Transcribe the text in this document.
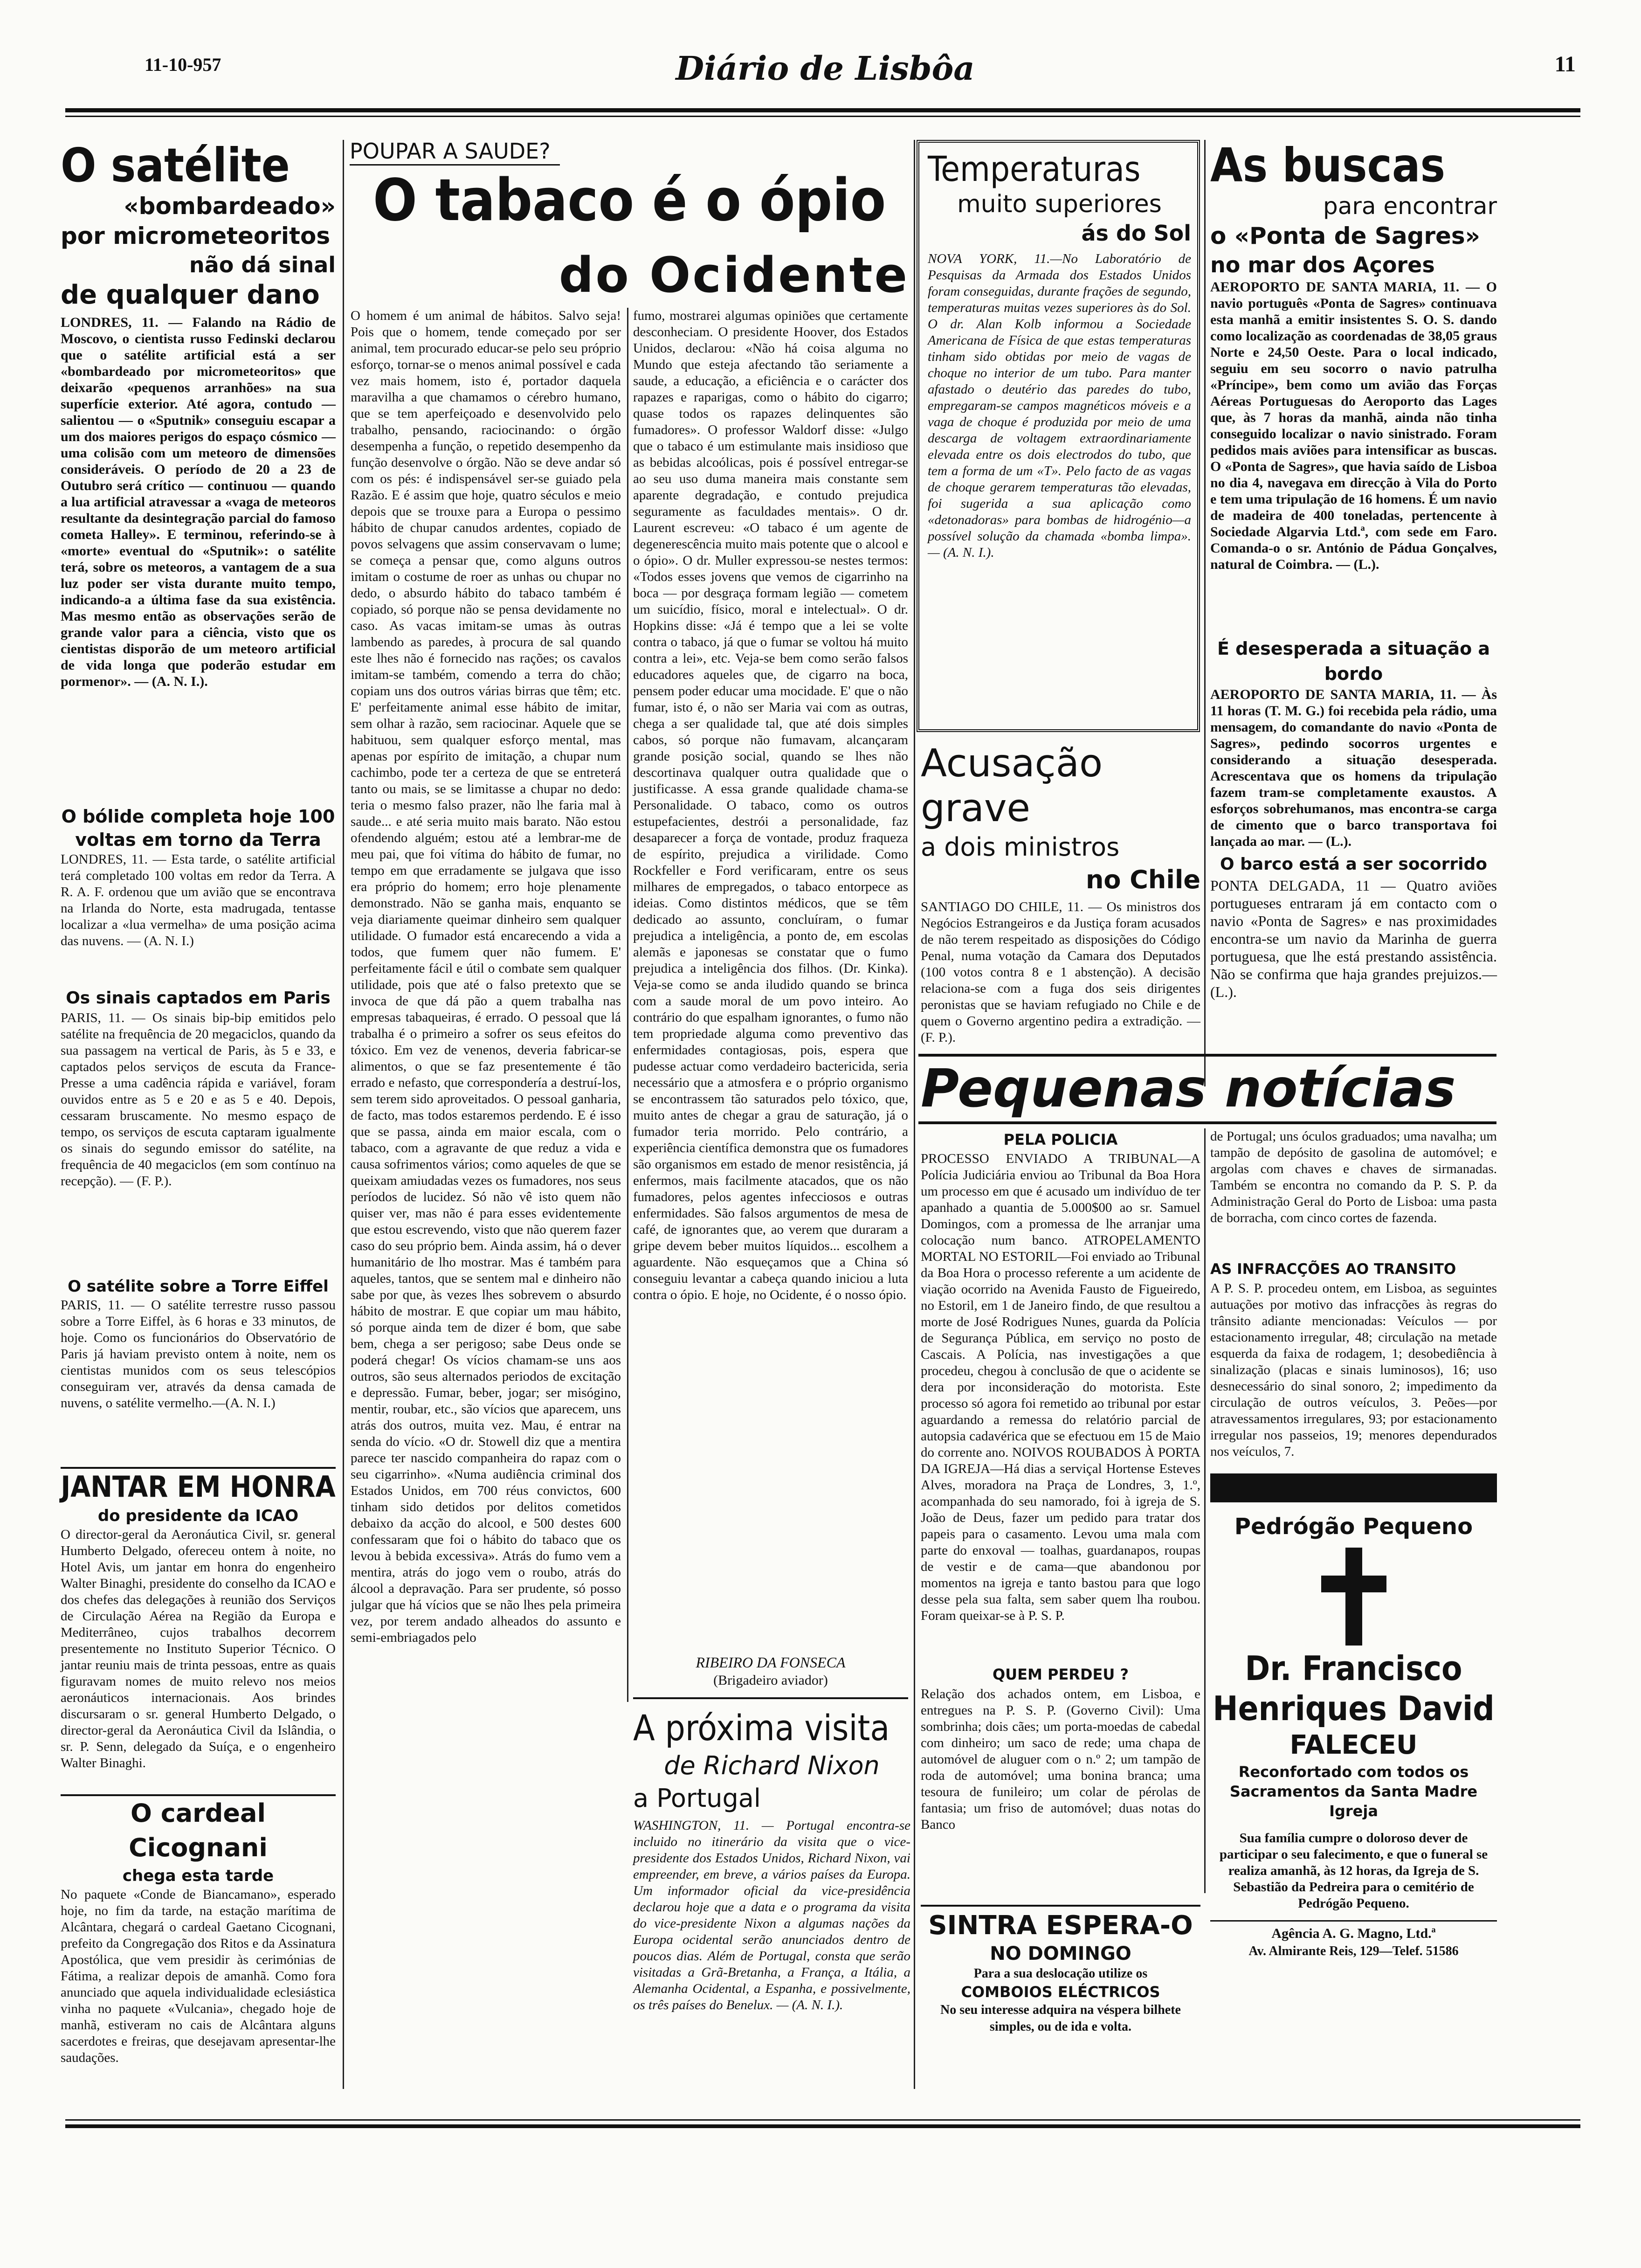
11-10-957	Diário de Lisbôa	11
O satélite
«bombardeado»
por micrometeoritos
não dá sinal
de qualquer dano

LONDRES, 11. — Falando na Rádio de Moscovo, o cientista russo Fedinski declarou que o satélite artificial está a ser «bombardeado por micrometeoritos» que deixarão «pequenos arranhões» na sua superfície exterior. Até agora, contudo — salientou — o «Sputnik» conseguiu escapar a um dos maiores perigos do espaço cósmico — uma colisão com um meteoro de dimensões consideráveis. O período de 20 a 23 de Outubro será crítico — continuou — quando a lua artificial atravessar a «vaga de meteoros resultante da desintegração parcial do famoso cometa Halley». E terminou, referindo-se à «morte» eventual do «Sputnik»: o satélite terá, sobre os meteoros, a vantagem de a sua luz poder ser vista durante muito tempo, indicando-a a última fase da sua existência. Mas mesmo então as observações serão de grande valor para a ciência, visto que os cientistas disporão de um meteoro artificial de vida longa que poderão estudar em pormenor». — (A. N. I.).

O bólide completa hoje 100 voltas em torno da Terra

LONDRES, 11. — Esta tarde, o satélite artificial terá completado 100 voltas em redor da Terra. A R. A. F. ordenou que um avião que se encontrava na Irlanda do Norte, esta madrugada, tentasse localizar a «lua vermelha» de uma posição acima das nuvens. — (A. N. I.)

Os sinais captados em Paris

PARIS, 11. — Os sinais bip-bip emitidos pelo satélite na frequência de 20 megaciclos, quando da sua passagem na vertical de Paris, às 5 e 33, e captados pelos serviços de escuta da France-Presse a uma cadência rápida e variável, foram ouvidos entre as 5 e 20 e as 5 e 40. Depois, cessaram bruscamente. No mesmo espaço de tempo, os serviços de escuta captaram igualmente os sinais do segundo emissor do satélite, na frequência de 40 megaciclos (em som contínuo na recepção). — (F. P.).

O satélite sobre a Torre Eiffel

PARIS, 11. — O satélite terrestre russo passou sobre a Torre Eiffel, às 6 horas e 33 minutos, de hoje. Como os funcionários do Observatório de Paris já haviam previsto ontem à noite, nem os cientistas munidos com os seus telescópios conseguiram ver, através da densa camada de nuvens, o satélite vermelho.—(A. N. I.)

JANTAR EM HONRA
do presidente da ICAO

O director-geral da Aeronáutica Civil, sr. general Humberto Delgado, ofereceu ontem à noite, no Hotel Avis, um jantar em honra do engenheiro Walter Binaghi, presidente do conselho da ICAO e dos chefes das delegações à reunião dos Serviços de Circulação Aérea na Região da Europa e Mediterrâneo, cujos trabalhos decorrem presentemente no Instituto Superior Técnico. O jantar reuniu mais de trinta pessoas, entre as quais figuravam nomes de muito relevo nos meios aeronáuticos internacionais. Aos brindes discursaram o sr. general Humberto Delgado, o director-geral da Aeronáutica Civil da Islândia, o sr. P. Senn, delegado da Suíça, e o engenheiro Walter Binaghi.

O cardeal Cicognani
chega esta tarde

No paquete «Conde de Biancamano», esperado hoje, no fim da tarde, na estação marítima de Alcântara, chegará o cardeal Gaetano Cicognani, prefeito da Congregação dos Ritos e da Assinatura Apostólica, que vem presidir às cerimónias de Fátima, a realizar depois de amanhã. Como fora anunciado que aquela individualidade eclesiástica vinha no paquete «Vulcania», chegado hoje de manhã, estiveram no cais de Alcântara alguns sacerdotes e freiras, que desejavam apresentar-lhe saudações.

POUPAR A SAUDE?
O tabaco é o ópio
do Ocidente

O homem é um animal de hábitos. Salvo seja! Pois que o homem, tende começado por ser animal, tem procurado educar-se pelo seu próprio esforço, tornar-se o menos animal possível e cada vez mais homem, isto é, portador daquela maravilha a que chamamos o cérebro humano, que se tem aperfeiçoado e desenvolvido pelo trabalho, pensando, raciocinando: o órgão desempenha a função, o repetido desempenho da função desenvolve o órgão. Não se deve andar só com os pés: é indispensável ser-se guiado pela Razão. E é assim que hoje, quatro séculos e meio depois que se trouxe para a Europa o pessimo hábito de chupar canudos ardentes, copiado de povos selvagens que assim conservavam o lume; se começa a pensar que, como alguns outros imitam o costume de roer as unhas ou chupar no dedo, o absurdo hábito do tabaco também é copiado, só porque não se pensa devidamente no caso. As vacas imitam-se umas às outras lambendo as paredes, à procura de sal quando este lhes não é fornecido nas rações; os cavalos imitam-se também, comendo a terra do chão; copiam uns dos outros várias birras que têm; etc. E' perfeitamente animal esse hábito de imitar, sem olhar à razão, sem raciocinar. Aquele que se habituou, sem qualquer esforço mental, mas apenas por espírito de imitação, a chupar num cachimbo, pode ter a certeza de que se entreterá tanto ou mais, se se limitasse a chupar no dedo: teria o mesmo falso prazer, não lhe faria mal à saude... e até seria muito mais barato. Não estou ofendendo alguém; estou até a lembrar-me de meu pai, que foi vítima do hábito de fumar, no tempo em que erradamente se julgava que isso era próprio do homem; erro hoje plenamente demonstrado. Não se ganha mais, enquanto se veja diariamente queimar dinheiro sem qualquer utilidade. O fumador está encarecendo a vida a todos, que fumem quer não fumem. E' perfeitamente fácil e útil o combate sem qualquer utilidade, pois que até o falso pretexto que se invoca de que dá pão a quem trabalha nas empresas tabaqueiras, é errado. O pessoal que lá trabalha é o primeiro a sofrer os seus efeitos do tóxico. Em vez de venenos, deveria fabricar-se alimentos, o que se faz presentemente é tão errado e nefasto, que correspondería a destruí-los, sem terem sido aproveitados. O pessoal ganharia, de facto, mas todos estaremos perdendo. E é isso que se passa, ainda em maior escala, com o tabaco, com a agravante de que reduz a vida e causa sofrimentos vários; como aqueles de que se queixam amiudadas vezes os fumadores, nos seus períodos de lucidez. Só não vê isto quem não quiser ver, mas não é para esses evidentemente que estou escrevendo, visto que não querem fazer caso do seu próprio bem. Ainda assim, há o dever humanitário de lho mostrar. Mas é também para aqueles, tantos, que se sentem mal e dinheiro não sabe por que, às vezes lhes sobrevem o absurdo hábito de mostrar. E que copiar um mau hábito, só porque ainda tem de dizer é bom, que sabe bem, chega a ser perigoso; sabe Deus onde se poderá chegar! Os vícios chamam-se uns aos outros, são seus alternados periodos de excitação e depressão. Fumar, beber, jogar; ser misógino, mentir, roubar, etc., são vícios que aparecem, uns atrás dos outros, muita vez. Mau, é entrar na senda do vício. «O dr. Stowell diz que a mentira parece ter nascido companheira do rapaz com o seu cigarrinho». «Numa audiência criminal dos Estados Unidos, em 700 réus convictos, 600 tinham sido detidos por delitos cometidos debaixo da acção do alcool, e 500 destes 600 confessaram que foi o hábito do tabaco que os levou à bebida excessiva». Atrás do fumo vem a mentira, atrás do jogo vem o roubo, atrás do álcool a depravação. Para ser prudente, só posso julgar que há vícios que se não lhes pela primeira vez, por terem andado alheados do assunto e semi-embriagados pelo

fumo, mostrarei algumas opiniões que certamente desconheciam. O presidente Hoover, dos Estados Unidos, declarou: «Não há coisa alguma no Mundo que esteja afectando tão seriamente a saude, a educação, a eficiência e o carácter dos rapazes e raparigas, como o hábito do cigarro; quase todos os rapazes delinquentes são fumadores». O professor Waldorf disse: «Julgo que o tabaco é um estimulante mais insidioso que as bebidas alcoólicas, pois é possível entregar-se ao seu uso duma maneira mais constante sem aparente degradação, e contudo prejudica seguramente as faculdades mentais». O dr. Laurent escreveu: «O tabaco é um agente de degenerescência muito mais potente que o alcool e o ópio». O dr. Muller expressou-se nestes termos: «Todos esses jovens que vemos de cigarrinho na boca — por desgraça formam legião — cometem um suicídio, físico, moral e intelectual». O dr. Hopkins disse: «Já é tempo que a lei se volte contra o tabaco, já que o fumar se voltou há muito contra a lei», etc. Veja-se bem como serão falsos educadores aqueles que, de cigarro na boca, pensem poder educar uma mocidade. E' que o não fumar, isto é, o não ser Maria vai com as outras, chega a ser qualidade tal, que até dois simples cabos, só porque não fumavam, alcançaram grande posição social, quando se lhes não descortinava qualquer outra qualidade que o justificasse. A essa grande qualidade chama-se Personalidade. O tabaco, como os outros estupefacientes, destrói a personalidade, faz desaparecer a força de vontade, produz fraqueza de espírito, prejudica a virilidade. Como Rockfeller e Ford verificaram, entre os seus milhares de empregados, o tabaco entorpece as ideias. Como distintos médicos, que se têm dedicado ao assunto, concluíram, o fumar prejudica a inteligência, a ponto de, em escolas alemãs e japonesas se constatar que o fumo prejudica a inteligência dos filhos. (Dr. Kinka). Veja-se como se anda iludido quando se brinca com a saude moral de um povo inteiro. Ao contrário do que espalham ignorantes, o fumo não tem propriedade alguma como preventivo das enfermidades contagiosas, pois, espera que pudesse actuar como verdadeiro bactericida, seria necessário que a atmosfera e o próprio organismo se encontrassem tão saturados pelo tóxico, que, muito antes de chegar a grau de saturação, já o fumador teria morrido. Pelo contrário, a experiência científica demonstra que os fumadores são organismos em estado de menor resistência, já enfermos, mais facilmente atacados, que os não fumadores, pelos agentes infecciosos e outras enfermidades. São falsos argumentos de mesa de café, de ignorantes que, ao verem que duraram a gripe devem beber muitos líquidos... escolhem a aguardente. Não esqueçamos que a China só conseguiu levantar a cabeça quando iniciou a luta contra o ópio. E hoje, no Ocidente, é o nosso ópio.

RIBEIRO DA FONSECA
(Brigadeiro aviador)
A próxima visita
de Richard Nixon
a Portugal

WASHINGTON, 11. — Portugal encontra-se incluido no itinerário da visita que o vice-presidente dos Estados Unidos, Richard Nixon, vai empreender, em breve, a vários países da Europa. Um informador oficial da vice-presidência declarou hoje que a data e o programa da visita do vice-presidente Nixon a algumas nações da Europa ocidental serão anunciados dentro de poucos dias. Além de Portugal, consta que serão visitadas a Grã-Bretanha, a França, a Itália, a Alemanha Ocidental, a Espanha, e possivelmente, os três países do Benelux. — (A. N. I.).

Temperaturas
muito superiores
ás do Sol

NOVA YORK, 11.—No Laboratório de Pesquisas da Armada dos Estados Unidos foram conseguidas, durante frações de segundo, temperaturas muitas vezes superiores às do Sol. O dr. Alan Kolb informou a Sociedade Americana de Física de que estas temperaturas tinham sido obtidas por meio de vagas de choque no interior de um tubo. Para manter afastado o deutério das paredes do tubo, empregaram-se campos magnéticos móveis e a vaga de choque é produzida por meio de uma descarga de voltagem extraordinariamente elevada entre os dois electrodos do tubo, que tem a forma de um «T». Pelo facto de as vagas de choque gerarem temperaturas tão elevadas, foi sugerida a sua aplicação como «detonadoras» para bombas de hidrogénio—a possível solução da chamada «bomba limpa». — (A. N. I.).

Acusação grave
a dois ministros
no Chile

SANTIAGO DO CHILE, 11. — Os ministros dos Negócios Estrangeiros e da Justiça foram acusados de não terem respeitado as disposições do Código Penal, numa votação da Camara dos Deputados (100 votos contra 8 e 1 abstenção). A decisão relaciona-se com a fuga dos seis dirigentes peronistas que se haviam refugiado no Chile e de quem o Governo argentino pedira a extradição. — (F. P.).

Pequenas notícias
PELA POLICIA

PROCESSO ENVIADO A TRIBUNAL—A Polícia Judiciária enviou ao Tribunal da Boa Hora um processo em que é acusado um indivíduo de ter apanhado a quantia de 5.000$00 ao sr. Samuel Domingos, com a promessa de lhe arranjar uma colocação num banco. ATROPELAMENTO MORTAL NO ESTORIL—Foi enviado ao Tribunal da Boa Hora o processo referente a um acidente de viação ocorrido na Avenida Fausto de Figueiredo, no Estoril, em 1 de Janeiro findo, de que resultou a morte de José Rodrigues Nunes, guarda da Polícia de Segurança Pública, em serviço no posto de Cascais. A Polícia, nas investigações a que procedeu, chegou à conclusão de que o acidente se dera por inconsideração do motorista. Este processo só agora foi remetido ao tribunal por estar aguardando a remessa do relatório parcial de autopsia cadavérica que se efectuou em 15 de Maio do corrente ano. NOIVOS ROUBADOS À PORTA DA IGREJA—Há dias a serviçal Hortense Esteves Alves, moradora na Praça de Londres, 3, 1.º, acompanhada do seu namorado, foi à igreja de S. João de Deus, fazer um pedido para tratar dos papeis para o casamento. Levou uma mala com parte do enxoval — toalhas, guardanapos, roupas de vestir e de cama—que abandonou por momentos na igreja e tanto bastou para que logo desse pela sua falta, sem saber quem lha roubou. Foram queixar-se à P. S. P.

QUEM PERDEU ?

Relação dos achados ontem, em Lisboa, e entregues na P. S. P. (Governo Civil): Uma sombrinha; dois cães; um porta-moedas de cabedal com dinheiro; um saco de rede; uma chapa de automóvel de aluguer com o n.º 2; um tampão de roda de automóvel; uma bonina branca; uma tesoura de funileiro; um colar de pérolas de fantasia; um friso de automóvel; duas notas do Banco

de Portugal; uns óculos graduados; uma navalha; um tampão de depósito de gasolina de automóvel; e argolas com chaves e chaves de sirmanadas. Também se encontra no comando da P. S. P. da Administração Geral do Porto de Lisboa: uma pasta de borracha, com cinco cortes de fazenda.

AS INFRACÇÕES AO TRANSITO

A P. S. P. procedeu ontem, em Lisboa, as seguintes autuações por motivo das infracções às regras do trânsito adiante mencionadas: Veículos — por estacionamento irregular, 48; circulação na metade esquerda da faixa de rodagem, 1; desobediência à sinalização (placas e sinais luminosos), 16; uso desnecessário do sinal sonoro, 2; impedimento da circulação de outros veículos, 3. Peões—por atravessamentos irregulares, 93; por estacionamento irregular nos passeios, 19; menores dependurados nos veículos, 7.

SINTRA ESPERA-O
NO DOMINGO
Para a sua deslocação utilize os
COMBOIOS ELÉCTRICOS
No seu interesse adquira na véspera bilhete simples, ou de ida e volta.
As buscas
para encontrar
o «Ponta de Sagres»
no mar dos Açores

AEROPORTO DE SANTA MARIA, 11. — O navio português «Ponta de Sagres» continuava esta manhã a emitir insistentes S. O. S. dando como localização as coordenadas de 38,05 graus Norte e 24,50 Oeste. Para o local indicado, seguiu em seu socorro o navio patrulha «Príncipe», bem como um avião das Forças Aéreas Portuguesas do Aeroporto das Lages que, às 7 horas da manhã, ainda não tinha conseguido localizar o navio sinistrado. Foram pedidos mais aviões para intensificar as buscas. O «Ponta de Sagres», que havia saído de Lisboa no dia 4, navegava em direcção à Vila do Porto e tem uma tripulação de 16 homens. É um navio de madeira de 400 toneladas, pertencente à Sociedade Algarvia Ltd.ª, com sede em Faro. Comanda-o o sr. António de Pádua Gonçalves, natural de Coimbra. — (L.).

É desesperada a situação a bordo

AEROPORTO DE SANTA MARIA, 11. — Às 11 horas (T. M. G.) foi recebida pela rádio, uma mensagem, do comandante do navio «Ponta de Sagres», pedindo socorros urgentes e considerando a situação desesperada. Acrescentava que os homens da tripulação fazem tram-se completamente exaustos. A esforços sobrehumanos, mas encontra-se carga de cimento que o barco transportava foi lançada ao mar. — (L.).

O barco está a ser socorrido

PONTA DELGADA, 11 — Quatro aviões portugueses entraram já em contacto com o navio «Ponta de Sagres» e nas proximidades encontra-se um navio da Marinha de guerra portuguesa, que lhe está prestando assistência. Não se confirma que haja grandes prejuizos.—(L.).

Pedrógão Pequeno
Dr. Francisco Henriques David
FALECEU
Reconfortado com todos os Sacramentos da Santa Madre Igreja

Sua família cumpre o doloroso dever de participar o seu falecimento, e que o funeral se realiza amanhã, às 12 horas, da Igreja de S. Sebastião da Pedreira para o cemitério de Pedrógão Pequeno.

Agência A. G. Magno, Ltd.ª
Av. Almirante Reis, 129—Telef. 51586
